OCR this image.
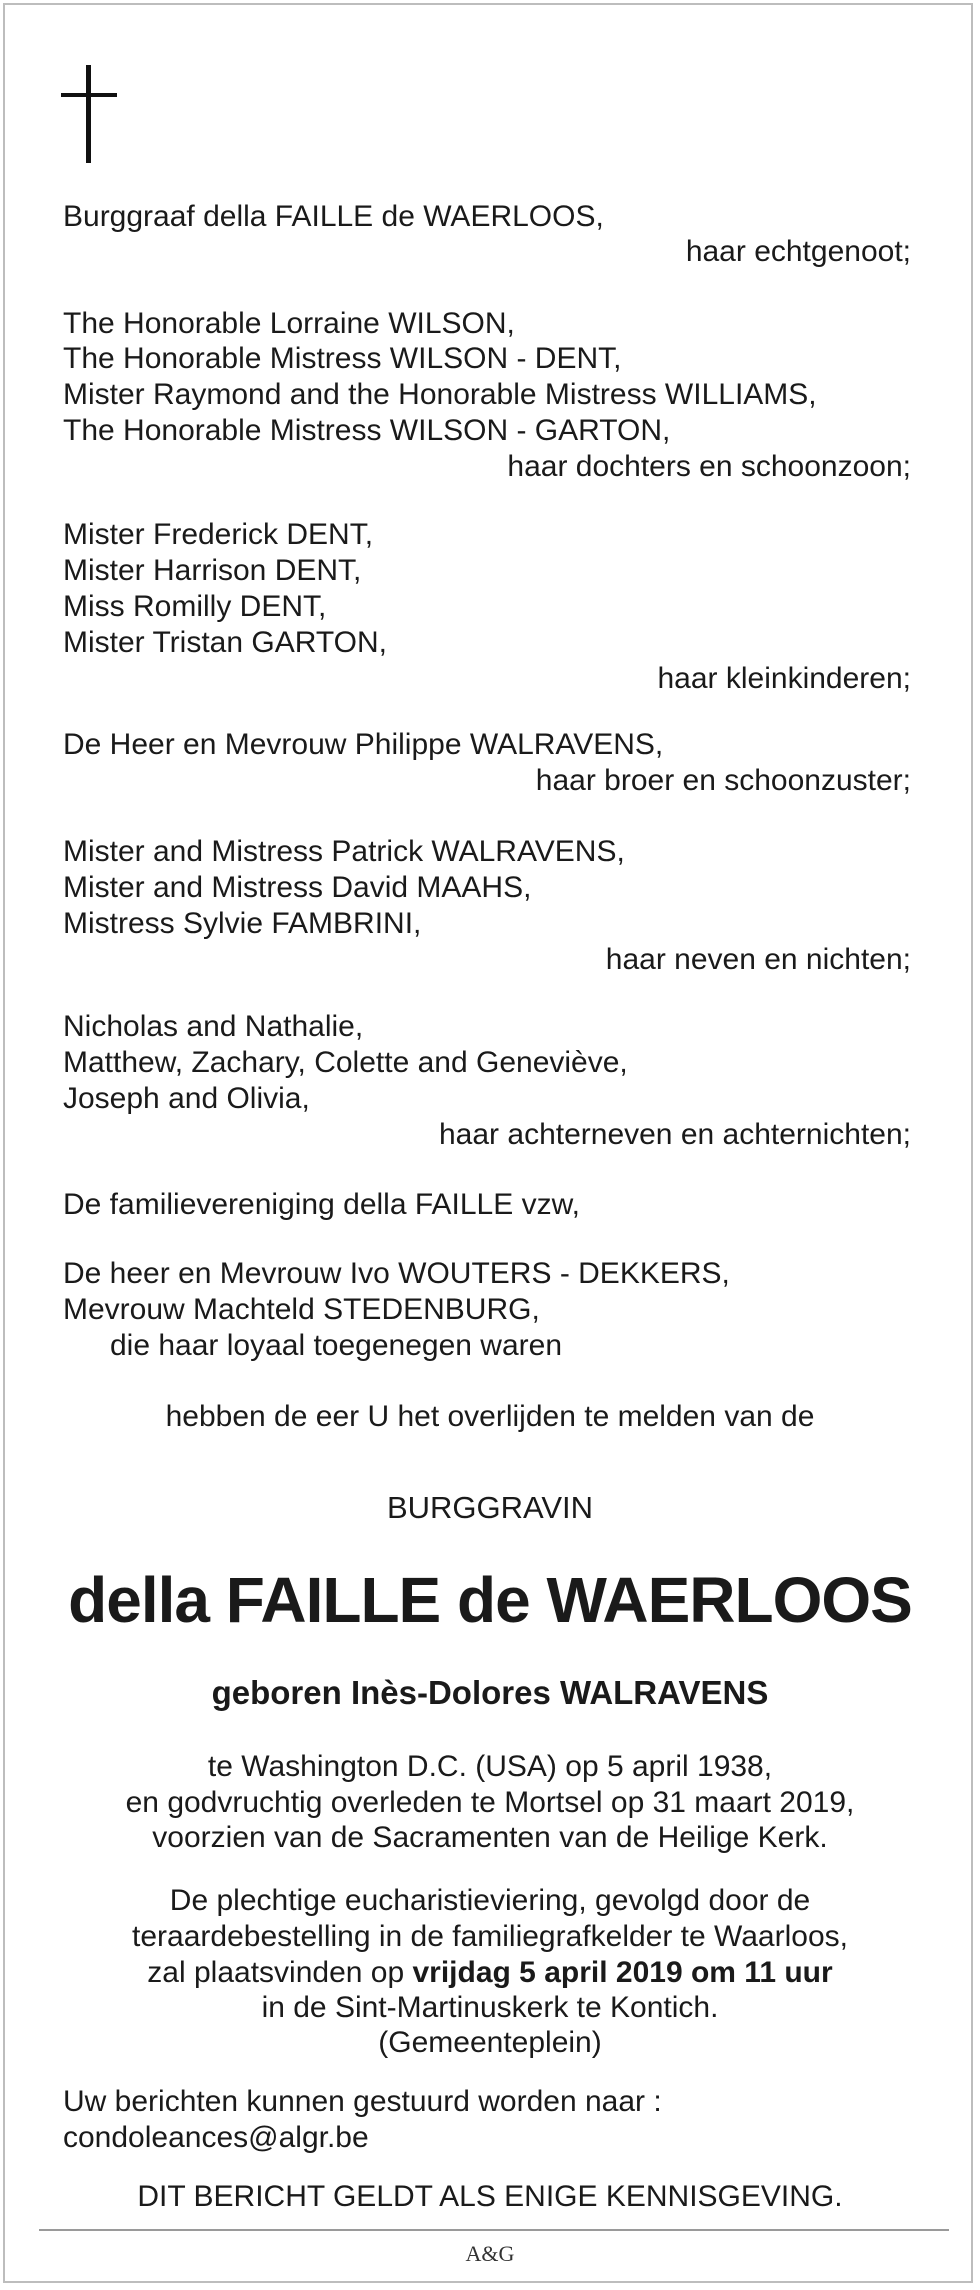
Burggraaf della FAILLE de WAERLOOS,
haar echtgenoot;
The Honorable Lorraine WILSON,
The Honorable Mistress WILSON - DENT,
Mister Raymond and the Honorable Mistress WILLIAMS,
The Honorable Mistress WILSON - GARTON,
haar dochters en schoonzoon;
Mister Frederick DENT,
Mister Harrison DENT,
Miss Romilly DENT,
Mister Tristan GARTON,
haar kleinkinderen;
De Heer en Mevrouw Philippe WALRAVENS,
haar broer en schoonzuster;
Mister and Mistress Patrick WALRAVENS,
Mister and Mistress David MAAHS,
Mistress Sylvie FAMBRINI,
haar neven en nichten;
Nicholas and Nathalie,
Matthew, Zachary, Colette and Geneviève,
Joseph and Olivia,
haar achterneven en achternichten;
De familievereniging della FAILLE vzw,
De heer en Mevrouw Ivo WOUTERS - DEKKERS,
Mevrouw Machteld STEDENBURG,
die haar loyaal toegenegen waren
hebben de eer U het overlijden te melden van de
BURGGRAVIN
della FAILLE de WAERLOOS
geboren Inès-Dolores WALRAVENS
te Washington D.C. (USA) op 5 april 1938,
en godvruchtig overleden te Mortsel op 31 maart 2019,
voorzien van de Sacramenten van de Heilige Kerk.
De plechtige eucharistieviering, gevolgd door de
teraardebestelling in de familiegrafkelder te Waarloos,
zal plaatsvinden op vrijdag 5 april 2019 om 11 uur
in de Sint-Martinuskerk te Kontich.
(Gemeenteplein)
Uw berichten kunnen gestuurd worden naar :
condoleances@algr.be
DIT BERICHT GELDT ALS ENIGE KENNISGEVING.
A&G
